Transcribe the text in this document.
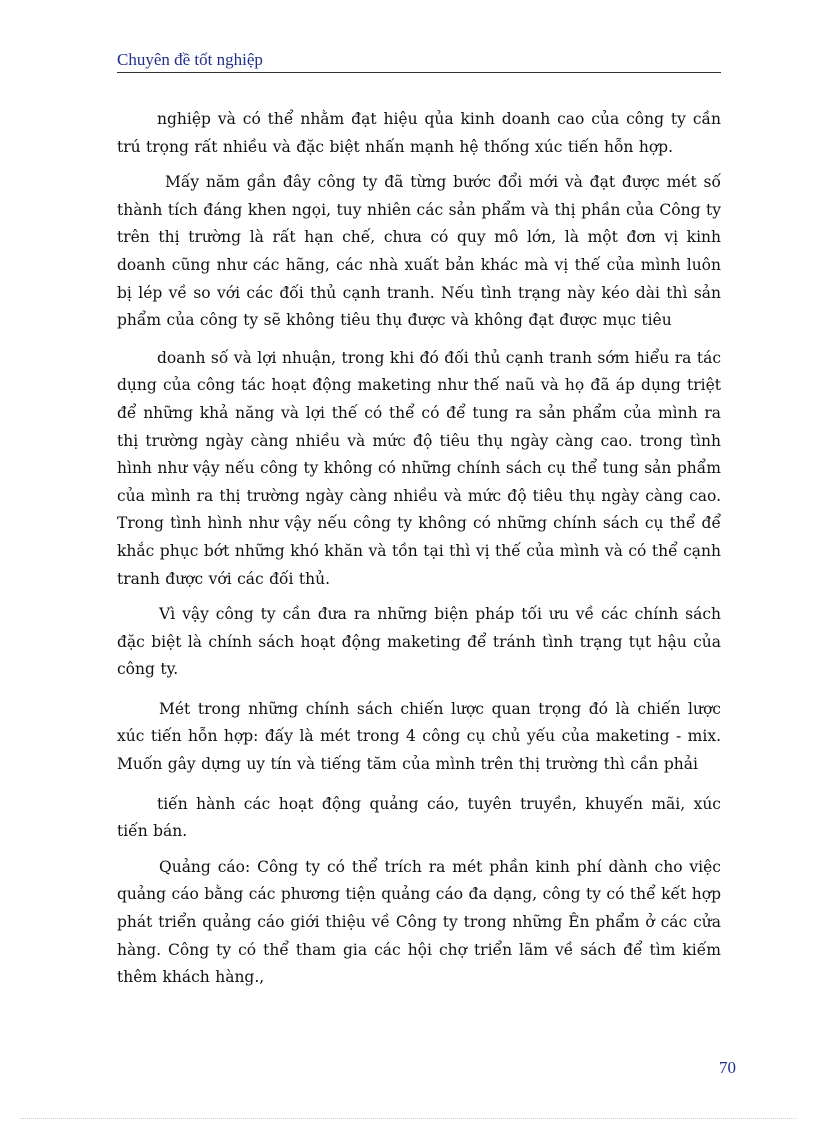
Chuyên đề tốt nghiệp

nghiệp và có thể nhằm đạt hiệu qủa kinh doanh cao của công ty cần trú trọng rất nhiều và đặc biệt nhấn mạnh hệ thống xúc tiến hỗn hợp.

Mấy năm gần đây công ty đã từng bước đổi mới và đạt được mét số thành tích đáng khen ngọi, tuy nhiên các sản phẩm và thị phần của Công ty trên thị trường là rất hạn chế, chưa có quy mô lớn, là một đơn vị kinh doanh cũng như các hãng, các nhà xuất bản khác mà vị thế của mình luôn bị lép về so với các đối thủ cạnh tranh. Nếu tình trạng này kéo dài thì sản phẩm của công ty sẽ không tiêu thụ được và không đạt được mục tiêu

doanh số và lợi nhuận, trong khi đó đối thủ cạnh tranh sớm hiểu ra tác dụng của công tác hoạt động maketing như thế naũ và họ đã áp dụng triệt để những khả năng và lợi thế có thể có để tung ra sản phẩm của mình ra thị trường ngày càng nhiều và mức độ tiêu thụ ngày càng cao. trong tình hình như vậy nếu công ty không có những chính sách cụ thể tung sản phẩm của mình ra thị trường ngày càng nhiều và mức độ tiêu thụ ngày càng cao. Trong tình hình như vậy nếu công ty không có những chính sách cụ thể để khắc phục bớt những khó khăn và tồn tại thì vị thế của mình và có thể cạnh tranh được với các đối thủ.

Vì vậy công ty cần đưa ra những biện pháp tối ưu về các chính sách đặc biệt là chính sách hoạt động maketing để tránh tình trạng tụt hậu của công ty.

Mét trong những chính sách chiến lược quan trọng đó là chiến lược xúc tiến hỗn hợp: đấy là mét trong 4 công cụ chủ yếu của maketing - mix. Muốn gây dựng uy tín và tiếng tăm của mình trên thị trường thì cần phải

tiến hành các hoạt động quảng cáo, tuyên truyền, khuyến mãi, xúc tiến bán.

Quảng cáo: Công ty có thể trích ra mét phần kinh phí dành cho việc quảng cáo bằng các phương tiện quảng cáo đa dạng, công ty có thể kết hợp phát triển quảng cáo giới thiệu về Công ty trong những Ên phẩm ở các cửa hàng. Công ty có thể tham gia các hội chợ triển lãm về sách để tìm kiếm thêm khách hàng.,

70
